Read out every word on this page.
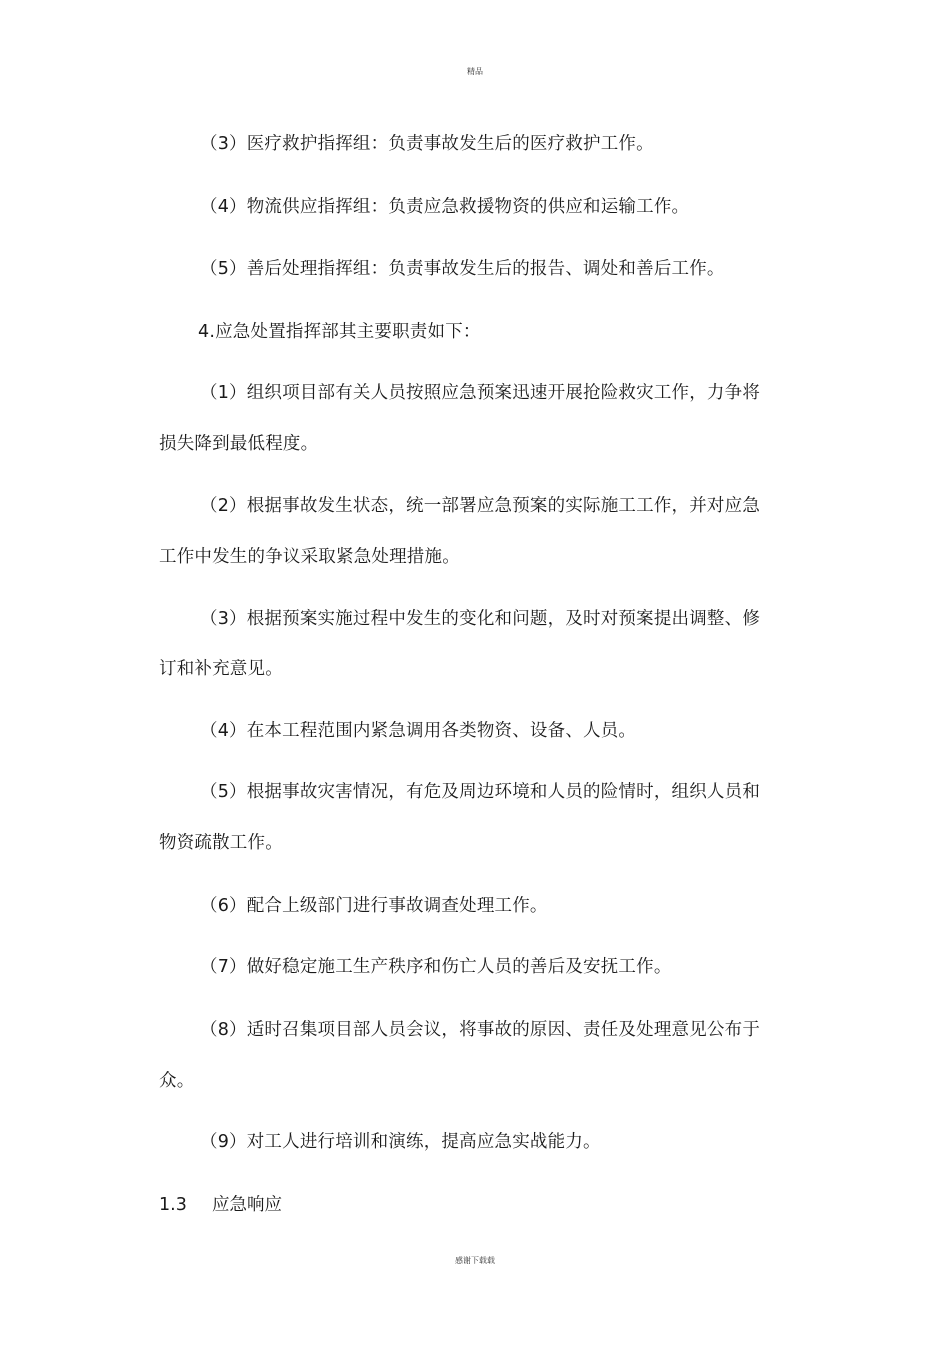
精品
（3）医疗救护指挥组：负责事故发生后的医疗救护工作。
（4）物流供应指挥组：负责应急救援物资的供应和运输工作。
（5）善后处理指挥组：负责事故发生后的报告、调处和善后工作。
4.应急处置指挥部其主要职责如下：
（1）组织项目部有关人员按照应急预案迅速开展抢险救灾工作，力争将
损失降到最低程度。
（2）根据事故发生状态，统一部署应急预案的实际施工工作，并对应急
工作中发生的争议采取紧急处理措施。
（3）根据预案实施过程中发生的变化和问题，及时对预案提出调整、修
订和补充意见。
（4）在本工程范围内紧急调用各类物资、设备、人员。
（5）根据事故灾害情况，有危及周边环境和人员的险情时，组织人员和
物资疏散工作。
（6）配合上级部门进行事故调查处理工作。
（7）做好稳定施工生产秩序和伤亡人员的善后及安抚工作。
（8）适时召集项目部人员会议，将事故的原因、责任及处理意见公布于
众。
（9）对工人进行培训和演练，提高应急实战能力。
1.3 应急响应
感谢下载载
